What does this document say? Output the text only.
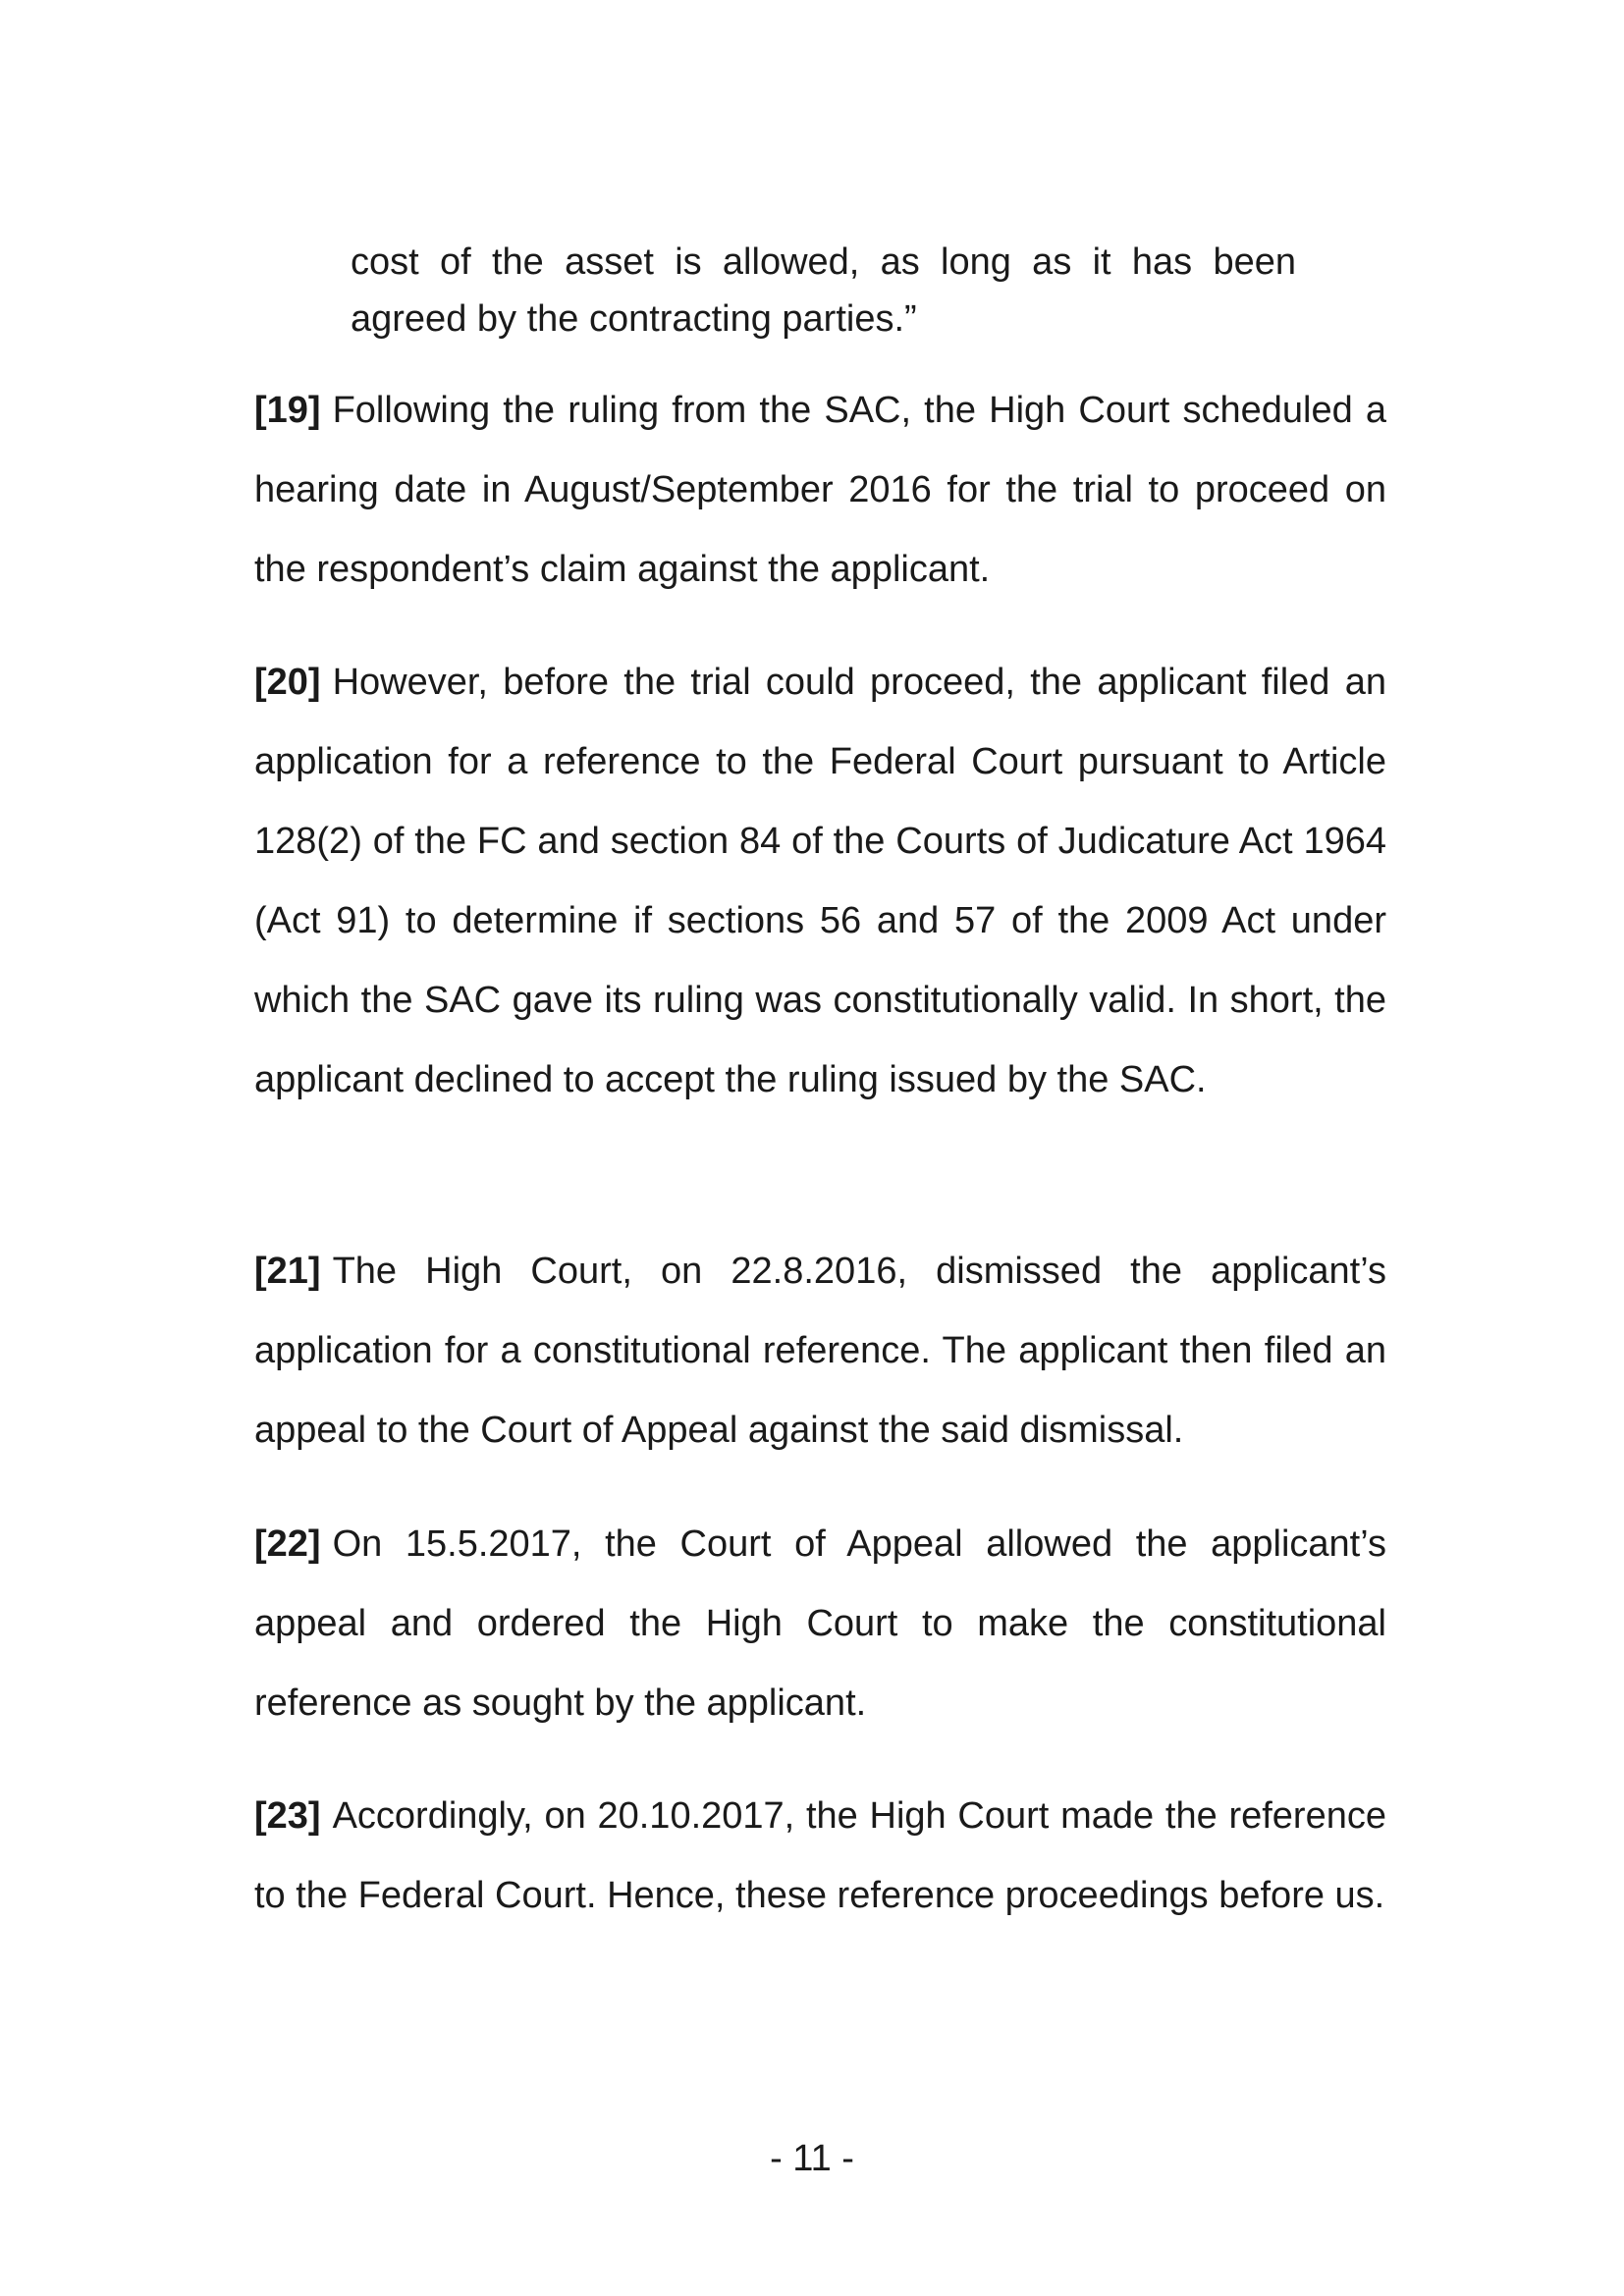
cost of the asset is allowed, as long as it has been agreed by the contracting parties.”
[19] Following the ruling from the SAC, the High Court scheduled a hearing date in August/September 2016 for the trial to proceed on the respondent’s claim against the applicant.
[20] However, before the trial could proceed, the applicant filed an application for a reference to the Federal Court pursuant to Article 128(2) of the FC and section 84 of the Courts of Judicature Act 1964 (Act 91) to determine if sections 56 and 57 of the 2009 Act under which the SAC gave its ruling was constitutionally valid. In short, the applicant declined to accept the ruling issued by the SAC.
[21] The High Court, on 22.8.2016, dismissed the applicant’s application for a constitutional reference. The applicant then filed an appeal to the Court of Appeal against the said dismissal.
[22] On 15.5.2017, the Court of Appeal allowed the applicant’s appeal and ordered the High Court to make the constitutional reference as sought by the applicant.
[23] Accordingly, on 20.10.2017, the High Court made the reference to the Federal Court. Hence, these reference proceedings before us.
- 11 -
